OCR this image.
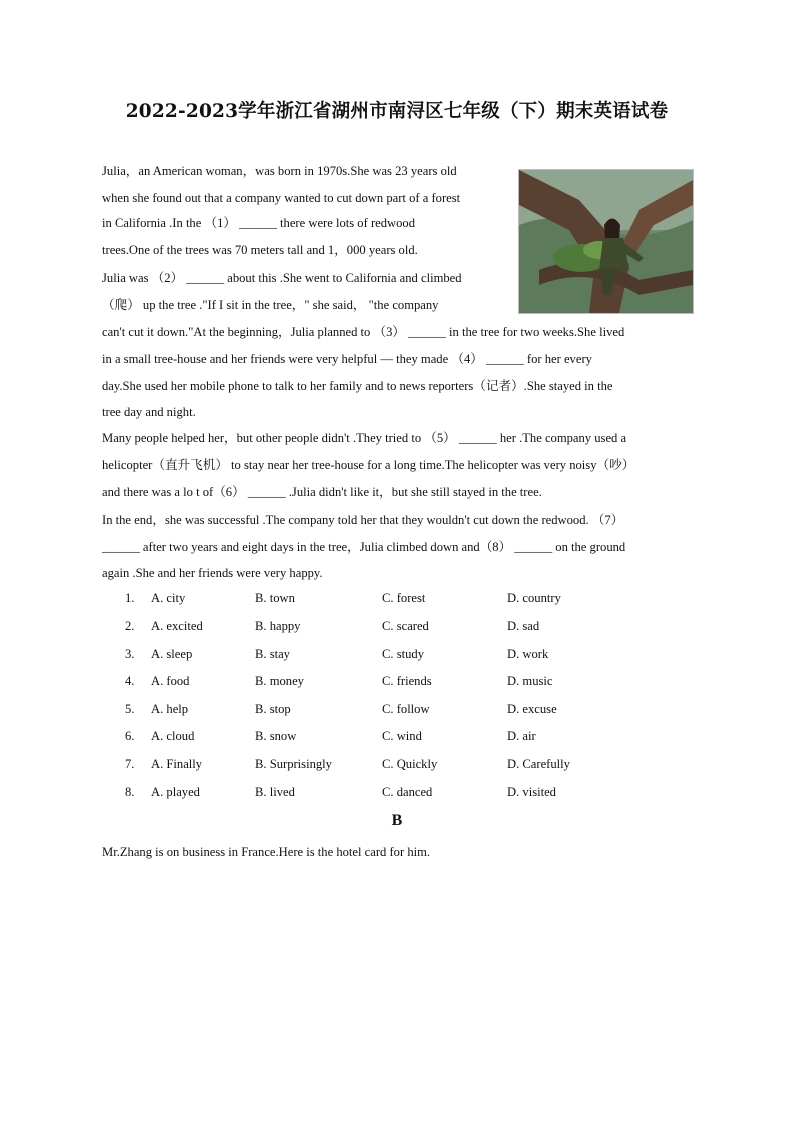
2022-2023学年浙江省湖州市南浔区七年级（下）期末英语试卷
Julia，an American woman，was born in 1970s.She was 23 years old
when she found out that a company wanted to cut down part of a forest
in California .In the （1） ______ there were lots of redwood
trees.One of the trees was 70 meters tall and 1，000 years old.
Julia was （2） ______ about this .She went to California and climbed
（爬） up the tree ."If I sit in the tree，" she said， "the company
can't cut it down."At the beginning，Julia planned to （3） ______ in the tree for two weeks.She lived
in a small tree-house and her friends were very helpful — they made （4） ______ for her every
day.She used her mobile phone to talk to her family and to news reporters（记者）.She stayed in the
tree day and night.
Many people helped her，but other people didn't .They tried to （5） ______ her .The company used a
helicopter（直升飞机） to stay near her tree-house for a long time.The helicopter was very noisy（吵）
and there was a lo t of（6） ______ .Julia didn't like it，but she still stayed in the tree.
In the end，she was successful .The company told her that they wouldn't cut down the redwood. （7）
______ after two years and eight days in the tree，Julia climbed down and（8） ______ on the ground
again .She and her friends were very happy.
1. A. city	B. town	C. forest	D. country
2. A. excited	B. happy	C. scared	D. sad
3. A. sleep	B. stay	C. study	D. work
4. A. food	B. money	C. friends	D. music
5. A. help	B. stop	C. follow	D. excuse
6. A. cloud	B. snow	C. wind	D. air
7. A. Finally	B. Surprisingly	C. Quickly	D. Carefully
8. A. played	B. lived	C. danced	D. visited
B
Mr.Zhang is on business in France.Here is the hotel card for him.
